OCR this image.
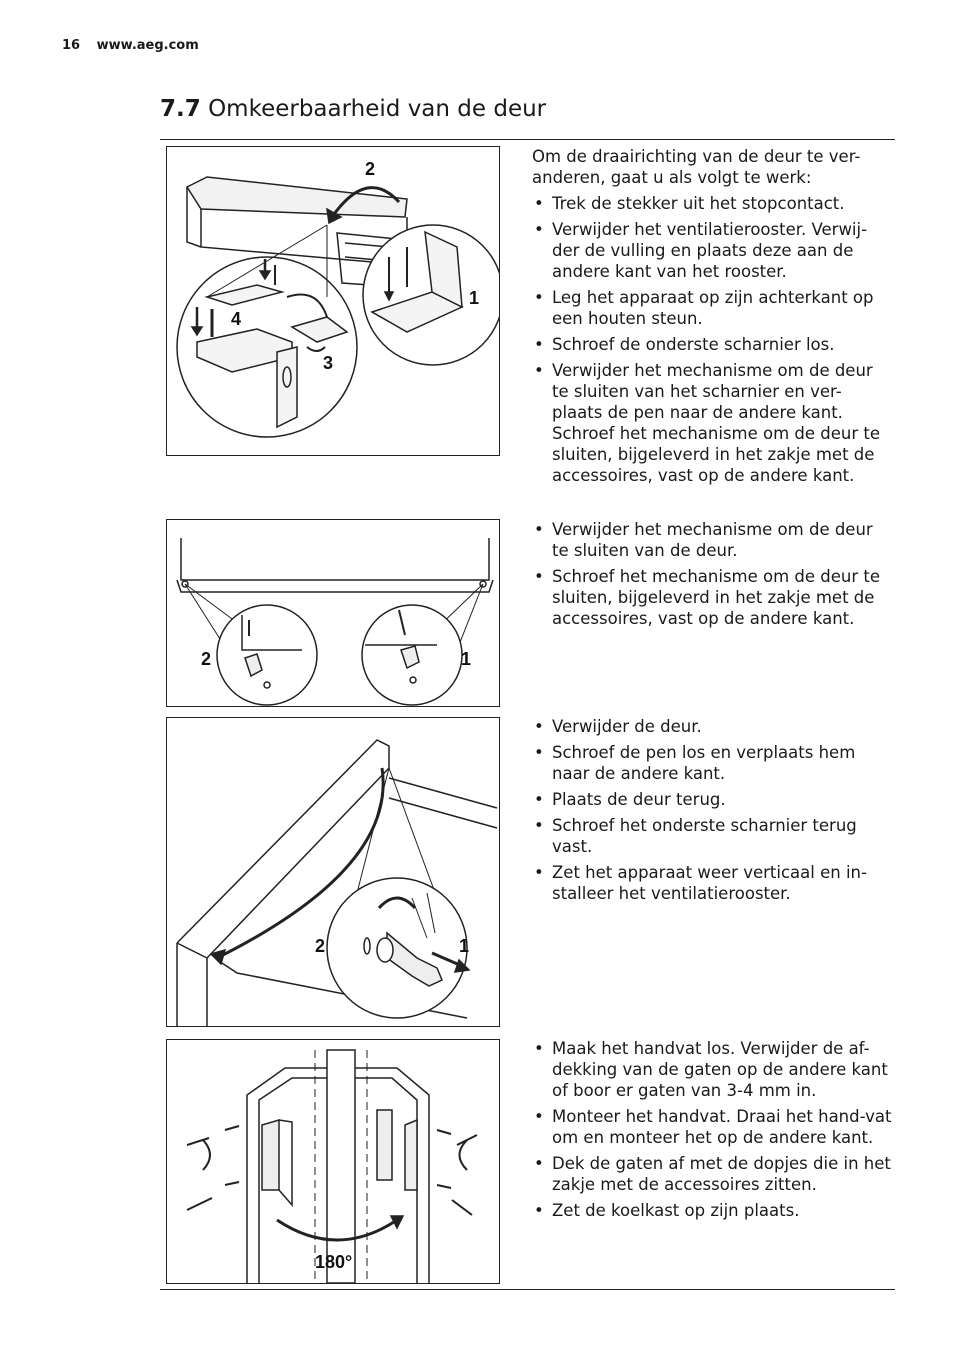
16 www.aeg.com
7.7 Omkeerbaarheid van de deur
2
1
4
3
2	1
2	1
180°

Om de draairichting van de deur te ver-anderen, gaat u als volgt te werk:

• Trek de stekker uit het stopcontact.
• Verwijder het ventilatierooster. Verwij-der de vulling en plaats deze aan de andere kant van het rooster.
• Leg het apparaat op zijn achterkant op een houten steun.
• Schroef de onderste scharnier los.
• Verwijder het mechanisme om de deur te sluiten van het scharnier en ver-plaats de pen naar de andere kant. Schroef het mechanisme om de deur te sluiten, bijgeleverd in het zakje met de accessoires, vast op de andere kant.
• Verwijder het mechanisme om de deur te sluiten van de deur.
• Schroef het mechanisme om de deur te sluiten, bijgeleverd in het zakje met de accessoires, vast op de andere kant.
• Verwijder de deur.
• Schroef de pen los en verplaats hem naar de andere kant.
• Plaats de deur terug.
• Schroef het onderste scharnier terug vast.
• Zet het apparaat weer verticaal en in-stalleer het ventilatierooster.
• Maak het handvat los. Verwijder de af-dekking van de gaten op de andere kant of boor er gaten van 3-4 mm in.
• Monteer het handvat. Draai het hand-vat om en monteer het op de andere kant.
• Dek de gaten af met de dopjes die in het zakje met de accessoires zitten.
• Zet de koelkast op zijn plaats.
